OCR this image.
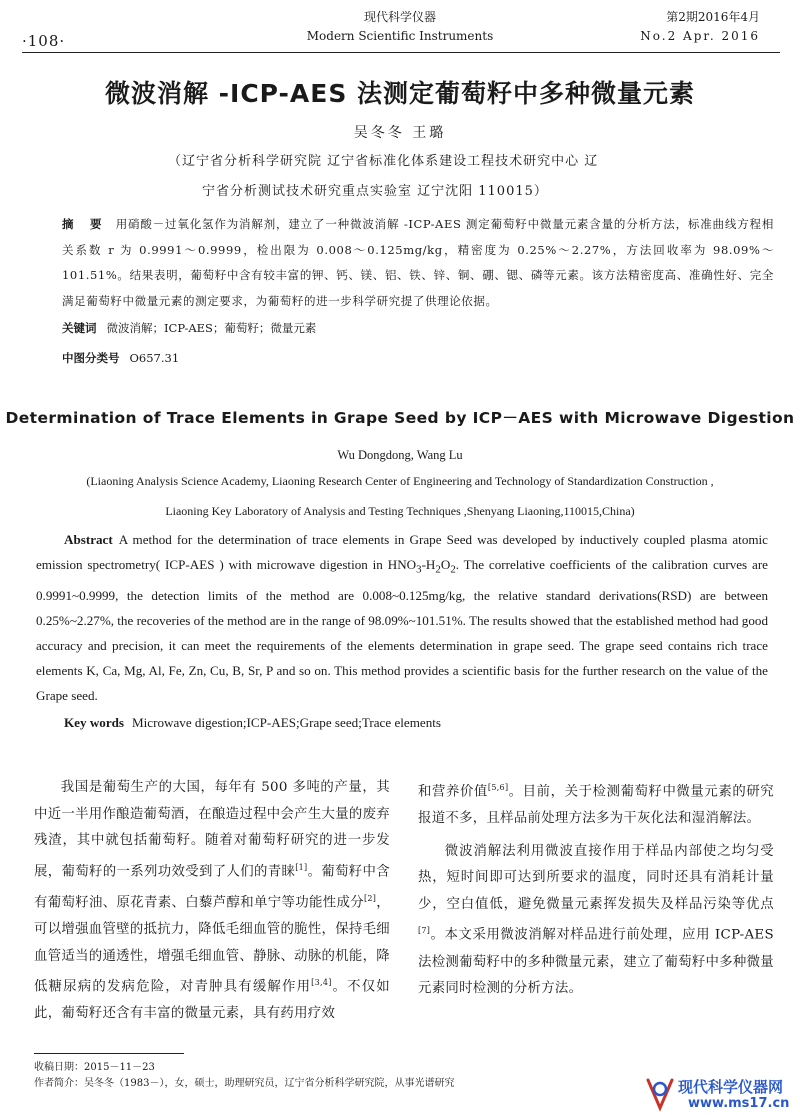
·108·
现代科学仪器
Modern Scientific Instruments
第2期2016年4月
No.2 Apr. 2016
微波消解 -ICP-AES 法测定葡萄籽中多种微量元素
吴冬冬 王璐
（辽宁省分析科学研究院 辽宁省标准化体系建设工程技术研究中心 辽
宁省分析测试技术研究重点实验室 辽宁沈阳 110015）
摘 要 用硝酸－过氧化氢作为消解剂，建立了一种微波消解 -ICP-AES 测定葡萄籽中微量元素含量的分析方法，标准曲线方程相关系数 r 为 0.9991～0.9999，检出限为 0.008～0.125mg/kg，精密度为 0.25%～2.27%，方法回收率为 98.09%～101.51%。结果表明，葡萄籽中含有较丰富的钾、钙、镁、铝、铁、锌、铜、硼、锶、磷等元素。该方法精密度高、准确性好、完全满足葡萄籽中微量元素的测定要求，为葡萄籽的进一步科学研究提了供理论依据。
关键词 微波消解；ICP-AES；葡萄籽；微量元素
中图分类号 O657.31
Determination of Trace Elements in Grape Seed by ICP－AES with Microwave Digestion
Wu Dongdong, Wang Lu
(Liaoning Analysis Science Academy, Liaoning Research Center of Engineering and Technology of Standardization Construction ,
Liaoning Key Laboratory of Analysis and Testing Techniques ,Shenyang Liaoning,110015,China)
Abstract A method for the determination of trace elements in Grape Seed was developed by inductively coupled plasma atomic emission spectrometry( ICP-AES ) with microwave digestion in $HNO_3-H_2O_2$. The correlative coefficients of the calibration curves are 0.9991~0.9999, the detection limits of the method are 0.008~0.125mg/kg, the relative standard derivations(RSD) are between 0.25%~2.27%, the recoveries of the method are in the range of 98.09%~101.51%. The results showed that the established method had good accuracy and precision, it can meet the requirements of the elements determination in grape seed. The grape seed contains rich trace elements K, Ca, Mg, Al, Fe, Zn, Cu, B, Sr, P and so on. This method provides a scientific basis for the further research on the value of the Grape seed.
Key words Microwave digestion;ICP-AES;Grape seed;Trace elements

我国是葡萄生产的大国，每年有 500 多吨的产量，其中近一半用作酿造葡萄酒，在酿造过程中会产生大量的废弃残渣，其中就包括葡萄籽。随着对葡萄籽研究的进一步发展，葡萄籽的一系列功效受到了人们的青睐[1]。葡萄籽中含有葡萄籽油、原花青素、白藜芦醇和单宁等功能性成分[2]，可以增强血管壁的抵抗力，降低毛细血管的脆性，保持毛细血管适当的通透性，增强毛细血管、静脉、动脉的机能，降低糖尿病的发病危险，对青肿具有缓解作用[3,4]。不仅如此，葡萄籽还含有丰富的微量元素，具有药用疗效

和营养价值[5,6]。目前，关于检测葡萄籽中微量元素的研究报道不多，且样品前处理方法多为干灰化法和湿消解法。

微波消解法利用微波直接作用于样品内部使之均匀受热，短时间即可达到所要求的温度，同时还具有消耗计量少，空白值低，避免微量元素挥发损失及样品污染等优点[7]。本文采用微波消解对样品进行前处理，应用 ICP-AES 法检测葡萄籽中的多种微量元素，建立了葡萄籽中多种微量元素同时检测的分析方法。

收稿日期：2015－11－23
作者简介：吴冬冬（1983－），女，硕士，助理研究员，辽宁省分析科学研究院，从事光谱研究	现代科学仪器网
www.ms17.cn
